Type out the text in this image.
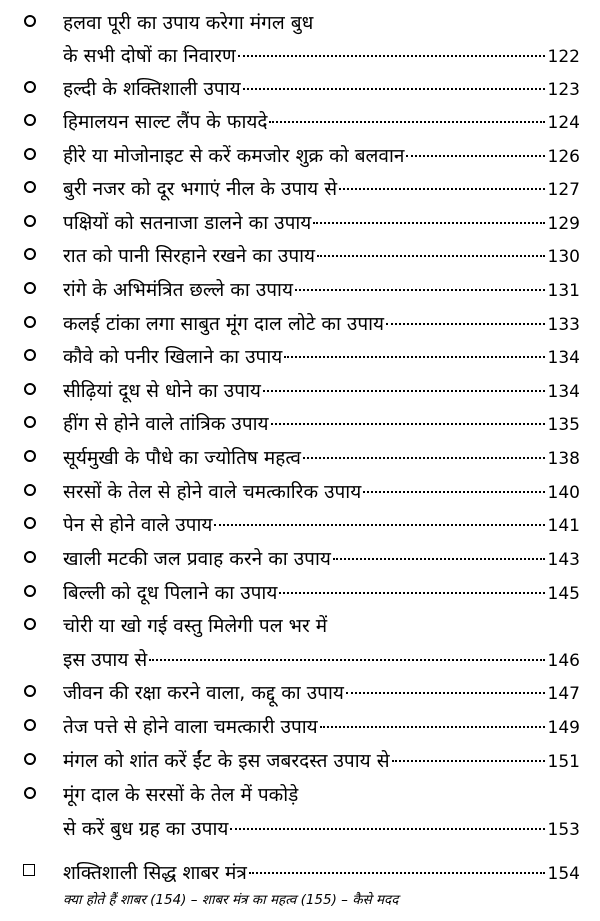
हलवा पूरी का उपाय करेगा मंगल बुध
के सभी दोषों का निवारण	122
हल्दी के शक्तिशाली उपाय	123
हिमालयन साल्ट लैंप के फायदे	124
हीरे या मोजोनाइट से करें कमजोर शुक्र को बलवान	126
बुरी नजर को दूर भगाएं नील के उपाय से	127
पक्षियों को सतनाजा डालने का उपाय	129
रात को पानी सिरहाने रखने का उपाय	130
रांगे के अभिमंत्रित छल्ले का उपाय	131
कलई टांका लगा साबुत मूंग दाल लोटे का उपाय	133
कौवे को पनीर खिलाने का उपाय	134
सीढ़ियां दूध से धोने का उपाय	134
हींग से होने वाले तांत्रिक उपाय	135
सूर्यमुखी के पौधे का ज्योतिष महत्व	138
सरसों के तेल से होने वाले चमत्कारिक उपाय	140
पेन से होने वाले उपाय	141
खाली मटकी जल प्रवाह करने का उपाय	143
बिल्ली को दूध पिलाने का उपाय	145
चोरी या खो गई वस्तु मिलेगी पल भर में
इस उपाय से	146
जीवन की रक्षा करने वाला, कद्दू का उपाय	147
तेज पत्ते से होने वाला चमत्कारी उपाय	149
मंगल को शांत करें ईंट के इस जबरदस्त उपाय से	151
मूंग दाल के सरसों के तेल में पकोड़े
से करें बुध ग्रह का उपाय	153
शक्तिशाली सिद्ध शाबर मंत्र	154
क्या होते हैं शाबर (154) – शाबर मंत्र का महत्व (155) – कैसे मदद
